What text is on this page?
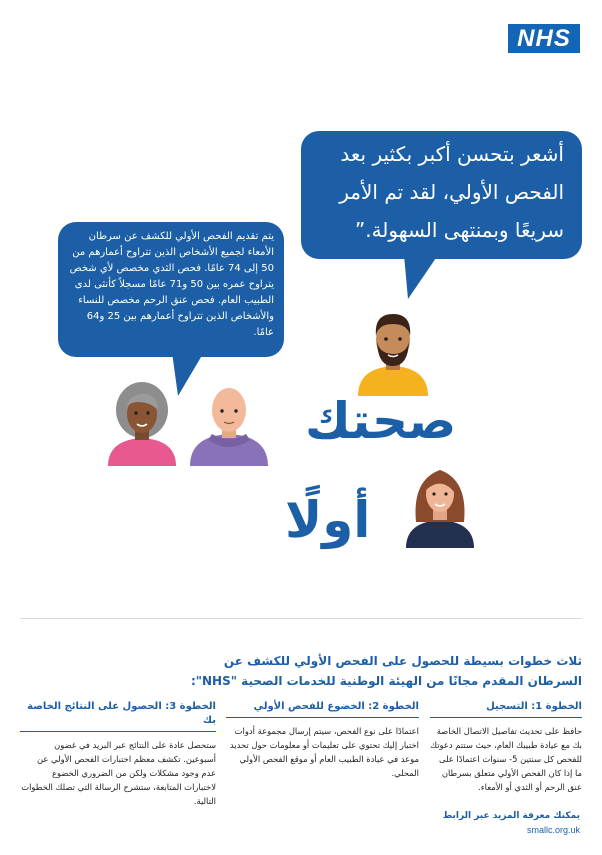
NHS
أشعر بتحسن أكبر بكثير بعد الفحص الأولي، لقد تم الأمر سريعًا وبمنتهى السهولة.”
يتم تقديم الفحص الأولي للكشف عن سرطان الأمعاء لجميع الأشخاص الذين تتراوح أعمارهم من 50 إلى 74 عامًا. فحص الثدي مخصص لأي شخص يتراوح عمره بين 50 و71 عامًا مسجلاً كأنثى لدى الطبيب العام. فحص عنق الرحم مخصص للنساء والأشخاص الذين تتراوح أعمارهم بين 25 و64 عامًا.
صحتك
أولًا
ثلاث خطوات بسيطة للحصول على الفحص الأولي للكشف عن السرطان المقدم مجانًا من الهيئة الوطنية للخدمات الصحية "NHS":
الخطوة 1: التسجيل
حافظ على تحديث تفاصيل الاتصال الخاصة بك مع عيادة طبيبك العام، حيث ستتم دعوتك للفحص كل سنتين 5- سنوات اعتمادًا على ما إذا كان الفحص الأولي متعلق بسرطان عنق الرحم أو الثدي أو الأمعاء.
الخطوة 2: الخضوع للفحص الأولي
اعتمادًا على نوع الفحص، سيتم إرسال مجموعة أدوات اختبار إليك تحتوي على تعليمات أو معلومات حول تحديد موعد في عيادة الطبيب العام أو موقع الفحص الأولي المحلي.
الخطوة 3: الحصول على النتائج الخاصة بك
ستحصل عادة على النتائج عبر البريد في غضون أسبوعين. تكشف معظم اختبارات الفحص الأولي عن عدم وجود مشكلات ولكن من الضروري الخضوع لاختبارات المتابعة، ستشرح الرسالة التي تصلك الخطوات التالية.
يمكنك معرفة المزيد عبر الرابط
smallc.org.uk
